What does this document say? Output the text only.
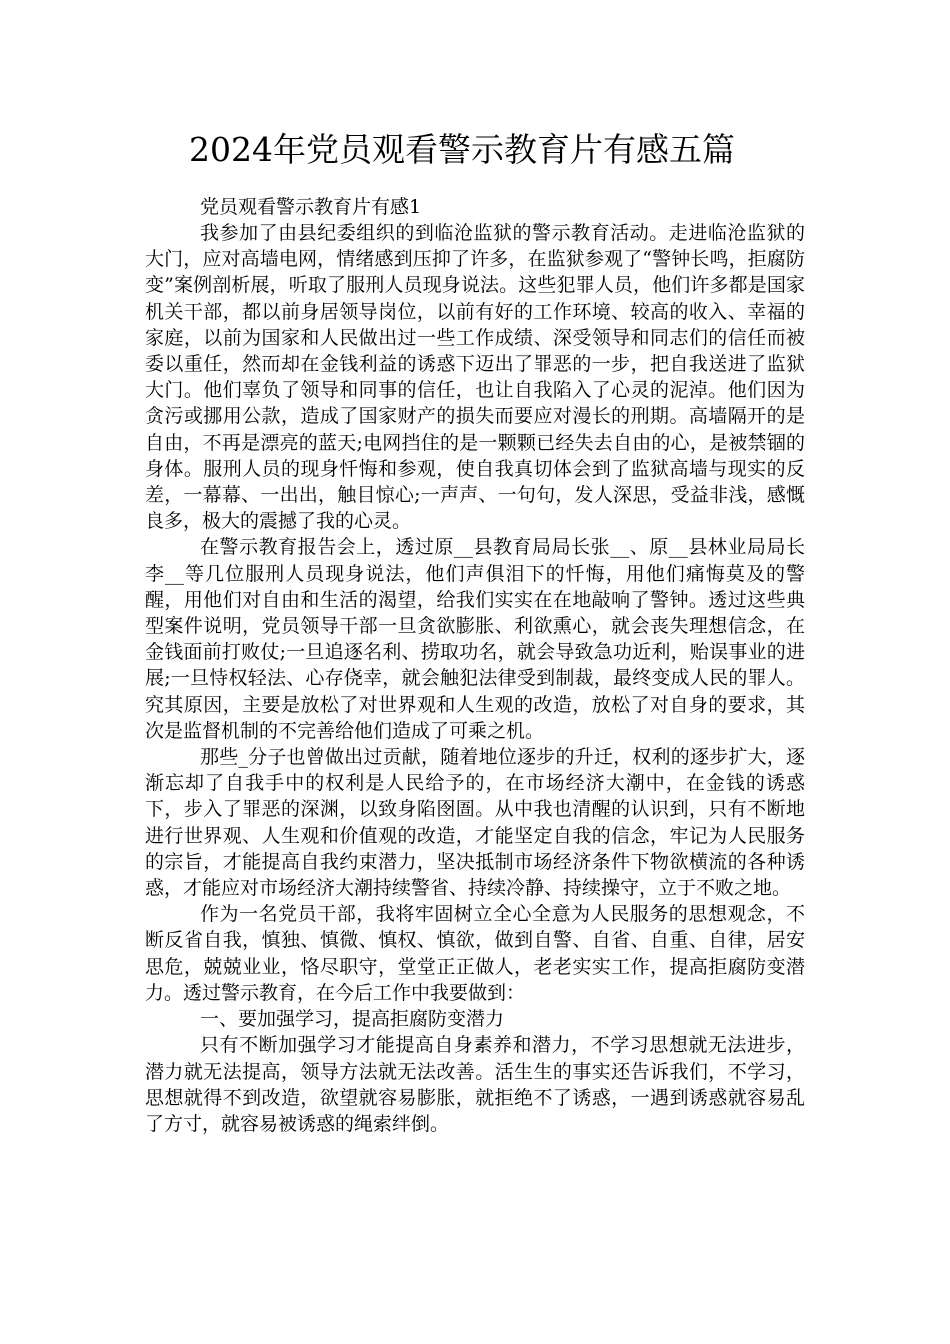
2024年党员观看警示教育片有感五篇

党员观看警示教育片有感1

我参加了由县纪委组织的到临沧监狱的警示教育活动。走进临沧监狱的大门，应对高墙电网，情绪感到压抑了许多，在监狱参观了“警钟长鸣，拒腐防变”案例剖析展，听取了服刑人员现身说法。这些犯罪人员，他们许多都是国家机关干部，都以前身居领导岗位，以前有好的工作环境、较高的收入、幸福的家庭，以前为国家和人民做出过一些工作成绩、深受领导和同志们的信任而被委以重任，然而却在金钱利益的诱惑下迈出了罪恶的一步，把自我送进了监狱大门。他们辜负了领导和同事的信任，也让自我陷入了心灵的泥淖。他们因为贪污或挪用公款，造成了国家财产的损失而要应对漫长的刑期。高墙隔开的是自由，不再是漂亮的蓝天;电网挡住的是一颗颗已经失去自由的心，是被禁锢的身体。服刑人员的现身忏悔和参观，使自我真切体会到了监狱高墙与现实的反差，一幕幕、一出出，触目惊心;一声声、一句句，发人深思，受益非浅，感慨良多，极大的震撼了我的心灵。

在警示教育报告会上，透过原__县教育局局长张__、原__县林业局局长李__等几位服刑人员现身说法，他们声俱泪下的忏悔，用他们痛悔莫及的警醒，用他们对自由和生活的渴望，给我们实实在在地敲响了警钟。透过这些典型案件说明，党员领导干部一旦贪欲膨胀、利欲熏心，就会丧失理想信念，在金钱面前打败仗;一旦追逐名利、捞取功名，就会导致急功近利，贻误事业的进展;一旦恃权轻法、心存侥幸，就会触犯法律受到制裁，最终变成人民的罪人。究其原因，主要是放松了对世界观和人生观的改造，放松了对自身的要求，其次是监督机制的不完善给他们造成了可乘之机。

那些_分子也曾做出过贡献，随着地位逐步的升迁，权利的逐步扩大，逐渐忘却了自我手中的权利是人民给予的，在市场经济大潮中，在金钱的诱惑下，步入了罪恶的深渊，以致身陷囹圄。从中我也清醒的认识到，只有不断地进行世界观、人生观和价值观的改造，才能坚定自我的信念，牢记为人民服务的宗旨，才能提高自我约束潜力，坚决抵制市场经济条件下物欲横流的各种诱惑，才能应对市场经济大潮持续警省、持续冷静、持续操守，立于不败之地。

作为一名党员干部，我将牢固树立全心全意为人民服务的思想观念，不断反省自我，慎独、慎微、慎权、慎欲，做到自警、自省、自重、自律，居安思危，兢兢业业，恪尽职守，堂堂正正做人，老老实实工作，提高拒腐防变潜力。透过警示教育，在今后工作中我要做到：

一、要加强学习，提高拒腐防变潜力

只有不断加强学习才能提高自身素养和潜力，不学习思想就无法进步，潜力就无法提高，领导方法就无法改善。活生生的事实还告诉我们，不学习，思想就得不到改造，欲望就容易膨胀，就拒绝不了诱惑，一遇到诱惑就容易乱了方寸，就容易被诱惑的绳索绊倒。
